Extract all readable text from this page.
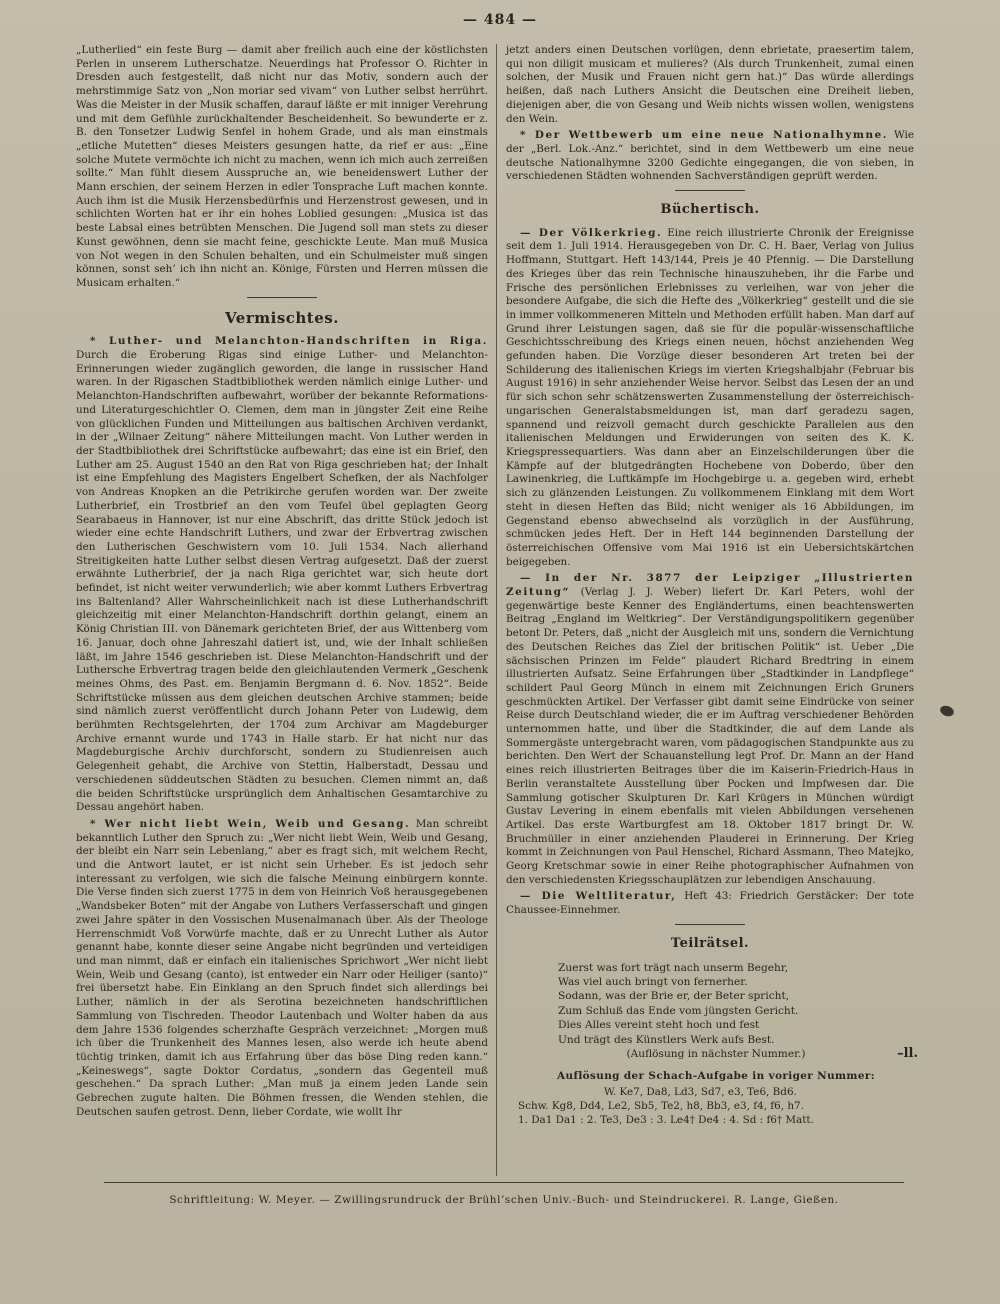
— 484 —

„Lutherlied“ ein feste Burg — damit aber freilich auch eine der köstlichsten Perlen in unserem Lutherschatze. Neuerdings hat Professor O. Richter in Dresden auch festgestellt, daß nicht nur das Motiv, sondern auch der mehrstimmige Satz von „Non moriar sed vivam“ von Luther selbst herrührt. Was die Meister in der Musik schaffen, darauf läßte er mit inniger Verehrung und mit dem Gefühle zurückhaltender Bescheidenheit. So bewunderte er z. B. den Tonsetzer Ludwig Senfel in hohem Grade, und als man einstmals „etliche Mutetten“ dieses Meisters gesungen hatte, da rief er aus: „Eine solche Mutete vermöchte ich nicht zu machen, wenn ich mich auch zerreißen sollte.“ Man fühlt diesem Ausspruche an, wie beneidenswert Luther der Mann erschien, der seinem Herzen in edler Tonsprache Luft machen konnte. Auch ihm ist die Musik Herzensbedürfnis und Herzenstrost gewesen, und in schlichten Worten hat er ihr ein hohes Loblied gesungen: „Musica ist das beste Labsal eines betrübten Menschen. Die Jugend soll man stets zu dieser Kunst gewöhnen, denn sie macht feine, geschickte Leute. Man muß Musica von Not wegen in den Schulen behalten, und ein Schulmeister muß singen können, sonst seh’ ich ihn nicht an. Könige, Fürsten und Herren müssen die Musicam erhalten.“

Vermischtes.

* Luther- und Melanchton-Handschriften in Riga. Durch die Eroberung Rigas sind einige Luther- und Melanchton-Erinnerungen wieder zugänglich geworden, die lange in russischer Hand waren. In der Rigaschen Stadtbibliothek werden nämlich einige Luther- und Melanchton-Handschriften aufbewahrt, worüber der bekannte Reformations- und Literaturgeschichtler O. Clemen, dem man in jüngster Zeit eine Reihe von glücklichen Funden und Mitteilungen aus baltischen Archiven verdankt, in der „Wilnaer Zeitung“ nähere Mitteilungen macht. Von Luther werden in der Stadtbibliothek drei Schriftstücke aufbewahrt; das eine ist ein Brief, den Luther am 25. August 1540 an den Rat von Riga geschrieben hat; der Inhalt ist eine Empfehlung des Magisters Engelbert Schefken, der als Nachfolger von Andreas Knopken an die Petrikirche gerufen worden war. Der zweite Lutherbrief, ein Trostbrief an den vom Teufel übel geplagten Georg Searabaeus in Hannover, ist nur eine Abschrift, das dritte Stück jedoch ist wieder eine echte Handschrift Luthers, und zwar der Erbvertrag zwischen den Lutherischen Geschwistern vom 10. Juli 1534. Nach allerhand Streitigkeiten hatte Luther selbst diesen Vertrag aufgesetzt. Daß der zuerst erwähnte Lutherbrief, der ja nach Riga gerichtet war, sich heute dort befindet, ist nicht weiter verwunderlich; wie aber kommt Luthers Erbvertrag ins Baltenland? Aller Wahrscheinlichkeit nach ist diese Lutherhandschrift gleichzeitig mit einer Melanchton-Handschrift dorthin gelangt, einem an König Christian III. von Dänemark gerichteten Brief, der aus Wittenberg vom 16. Januar, doch ohne Jahreszahl datiert ist, und, wie der Inhalt schließen läßt, im Jahre 1546 geschrieben ist. Diese Melanchton-Handschrift und der Luthersche Erbvertrag tragen beide den gleichlautenden Vermerk „Geschenk meines Ohms, des Past. em. Benjamin Bergmann d. 6. Nov. 1852“. Beide Schriftstücke müssen aus dem gleichen deutschen Archive stammen; beide sind nämlich zuerst veröffentlicht durch Johann Peter von Ludewig, dem berühmten Rechtsgelehrten, der 1704 zum Archivar am Magdeburger Archive ernannt wurde und 1743 in Halle starb. Er hat nicht nur das Magdeburgische Archiv durchforscht, sondern zu Studienreisen auch Gelegenheit gehabt, die Archive von Stettin, Halberstadt, Dessau und verschiedenen süddeutschen Städten zu besuchen. Clemen nimmt an, daß die beiden Schriftstücke ursprünglich dem Anhaltischen Gesamtarchive zu Dessau angehört haben.

* Wer nicht liebt Wein, Weib und Gesang. Man schreibt bekanntlich Luther den Spruch zu: „Wer nicht liebt Wein, Weib und Gesang, der bleibt ein Narr sein Lebenlang,“ aber es fragt sich, mit welchem Recht, und die Antwort lautet, er ist nicht sein Urheber. Es ist jedoch sehr interessant zu verfolgen, wie sich die falsche Meinung einbürgern konnte. Die Verse finden sich zuerst 1775 in dem von Heinrich Voß herausgegebenen „Wandsbeker Boten“ mit der Angabe von Luthers Verfasserschaft und gingen zwei Jahre später in den Vossischen Musenalmanach über. Als der Theologe Herrenschmidt Voß Vorwürfe machte, daß er zu Unrecht Luther als Autor genannt habe, konnte dieser seine Angabe nicht begründen und verteidigen und man nimmt, daß er einfach ein italienisches Sprichwort „Wer nicht liebt Wein, Weib und Gesang (canto), ist entweder ein Narr oder Heiliger (santo)“ frei übersetzt habe. Ein Einklang an den Spruch findet sich allerdings bei Luther, nämlich in der als Serotina bezeichneten handschriftlichen Sammlung von Tischreden. Theodor Lautenbach und Wolter haben da aus dem Jahre 1536 folgendes scherzhafte Gespräch verzeichnet: „Morgen muß ich über die Trunkenheit des Mannes lesen, also werde ich heute abend tüchtig trinken, damit ich aus Erfahrung über das böse Ding reden kann.“ „Keineswegs“, sagte Doktor Cordatus, „sondern das Gegenteil muß geschehen.“ Da sprach Luther: „Man muß ja einem jeden Lande sein Gebrechen zugute halten. Die Böhmen fressen, die Wenden stehlen, die Deutschen saufen getrost. Denn, lieber Cordate, wie wollt Ihr

jetzt anders einen Deutschen vorlügen, denn ebrietate, praesertim talem, qui non diligit musicam et mulieres? (Als durch Trunkenheit, zumal einen solchen, der Musik und Frauen nicht gern hat.)“ Das würde allerdings heißen, daß nach Luthers Ansicht die Deutschen eine Dreiheit lieben, diejenigen aber, die von Gesang und Weib nichts wissen wollen, wenigstens den Wein.

* Der Wettbewerb um eine neue Nationalhymne. Wie der „Berl. Lok.-Anz.“ berichtet, sind in dem Wettbewerb um eine neue deutsche Nationalhymne 3200 Gedichte eingegangen, die von sieben, in verschiedenen Städten wohnenden Sachverständigen geprüft werden.

Büchertisch.

— Der Völkerkrieg. Eine reich illustrierte Chronik der Ereignisse seit dem 1. Juli 1914. Herausgegeben von Dr. C. H. Baer, Verlag von Julius Hoffmann, Stuttgart. Heft 143/144, Preis je 40 Pfennig. — Die Darstellung des Krieges über das rein Technische hinauszuheben, ihr die Farbe und Frische des persönlichen Erlebnisses zu verleihen, war von jeher die besondere Aufgabe, die sich die Hefte des „Völkerkrieg“ gestellt und die sie in immer vollkommeneren Mitteln und Methoden erfüllt haben. Man darf auf Grund ihrer Leistungen sagen, daß sie für die populär-wissenschaftliche Geschichtsschreibung des Kriegs einen neuen, höchst anziehenden Weg gefunden haben. Die Vorzüge dieser besonderen Art treten bei der Schilderung des italienischen Kriegs im vierten Kriegshalbjahr (Februar bis August 1916) in sehr anziehender Weise hervor. Selbst das Lesen der an und für sich schon sehr schätzenswerten Zusammenstellung der österreichisch-ungarischen Generalstabsmeldungen ist, man darf geradezu sagen, spannend und reizvoll gemacht durch geschickte Parallelen aus den italienischen Meldungen und Erwiderungen von seiten des K. K. Kriegspressequartiers. Was dann aber an Einzelschilderungen über die Kämpfe auf der blutgedrängten Hochebene von Doberdo, über den Lawinenkrieg, die Luftkämpfe im Hochgebirge u. a. gegeben wird, erhebt sich zu glänzenden Leistungen. Zu vollkommenem Einklang mit dem Wort steht in diesen Heften das Bild; nicht weniger als 16 Abbildungen, im Gegenstand ebenso abwechselnd als vorzüglich in der Ausführung, schmücken jedes Heft. Der in Heft 144 beginnenden Darstellung der österreichischen Offensive vom Mai 1916 ist ein Uebersichtskärtchen beigegeben.

— In der Nr. 3877 der Leipziger „Illustrierten Zeitung“ (Verlag J. J. Weber) liefert Dr. Karl Peters, wohl der gegenwärtige beste Kenner des Engländertums, einen beachtenswerten Beitrag „England im Weltkrieg“. Der Verständigungspolitikern gegenüber betont Dr. Peters, daß „nicht der Ausgleich mit uns, sondern die Vernichtung des Deutschen Reiches das Ziel der britischen Politik“ ist. Ueber „Die sächsischen Prinzen im Felde“ plaudert Richard Bredtring in einem illustrierten Aufsatz. Seine Erfahrungen über „Stadtkinder in Landpflege“ schildert Paul Georg Münch in einem mit Zeichnungen Erich Gruners geschmückten Artikel. Der Verfasser gibt damit seine Eindrücke von seiner Reise durch Deutschland wieder, die er im Auftrag verschiedener Behörden unternommen hatte, und über die Stadtkinder, die auf dem Lande als Sommergäste untergebracht waren, vom pädagogischen Standpunkte aus zu berichten. Den Wert der Schauanstellung legt Prof. Dr. Mann an der Hand eines reich illustrierten Beitrages über die im Kaiserin-Friedrich-Haus in Berlin veranstaltete Ausstellung über Pocken und Impfwesen dar. Die Sammlung gotischer Skulpturen Dr. Karl Krügers in München würdigt Gustav Levering in einem ebenfalls mit vielen Abbildungen versehenen Artikel. Das erste Wartburgfest am 18. Oktober 1817 bringt Dr. W. Bruchmüller in einer anziehenden Plauderei in Erinnerung. Der Krieg kommt in Zeichnungen von Paul Henschel, Richard Assmann, Theo Matejko, Georg Kretschmar sowie in einer Reihe photographischer Aufnahmen von den verschiedensten Kriegsschauplätzen zur lebendigen Anschauung.

— Die Weltliteratur, Heft 43: Friedrich Gerstäcker: Der tote Chaussee-Einnehmer.

Teilrätsel.
Zuerst was fort trägt nach unserm Begehr,
Was viel auch bringt von fernerher.
Sodann, was der Brie er, der Beter spricht,
Zum Schluß das Ende vom jüngsten Gericht.
Dies Alles vereint steht hoch und fest
Und trägt des Künstlers Werk aufs Best.
–ll.
(Auflösung in nächster Nummer.)
Auflösung der Schach-Aufgabe in voriger Nummer:
W. Ke7, Da8, Ld3, Sd7, e3, Te6, Bd6.
Schw. Kg8, Dd4, Le2, Sb5, Te2, h8, Bb3, e3, f4, f6, h7.
1. Da1 Da1 : 2. Te3, De3 : 3. Le4† De4 : 4. Sd : f6† Matt.
Schriftleitung: W. Meyer. — Zwillingsrundruck der Brühl’schen Univ.-Buch- und Steindruckerei. R. Lange, Gießen.
